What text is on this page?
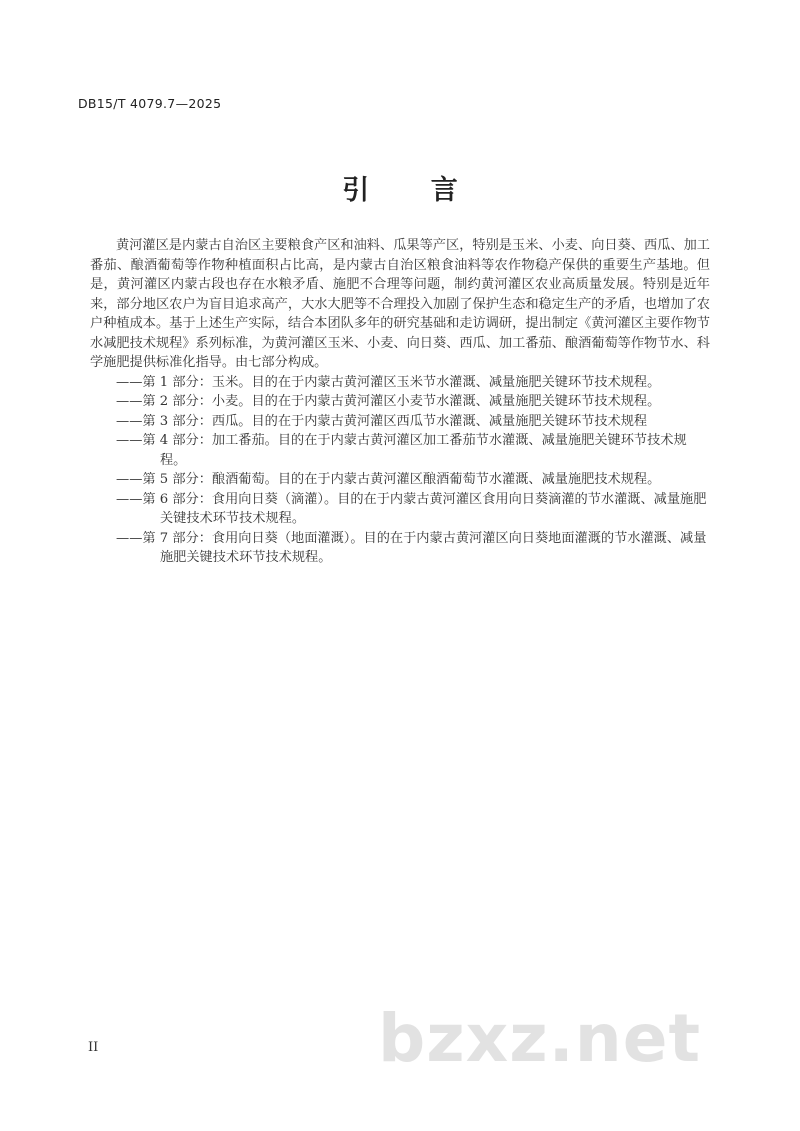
DB15/T 4079.7—2025
引 言

黄河灌区是内蒙古自治区主要粮食产区和油料、瓜果等产区，特别是玉米、小麦、向日葵、西瓜、加工番茄、酿酒葡萄等作物种植面积占比高，是内蒙古自治区粮食油料等农作物稳产保供的重要生产基地。但是，黄河灌区内蒙古段也存在水粮矛盾、施肥不合理等问题，制约黄河灌区农业高质量发展。特别是近年来，部分地区农户为盲目追求高产，大水大肥等不合理投入加剧了保护生态和稳定生产的矛盾，也增加了农户种植成本。基于上述生产实际，结合本团队多年的研究基础和走访调研，提出制定《黄河灌区主要作物节水减肥技术规程》系列标准，为黄河灌区玉米、小麦、向日葵、西瓜、加工番茄、酿酒葡萄等作物节水、科学施肥提供标准化指导。由七部分构成。

——第 1 部分：玉米。目的在于内蒙古黄河灌区玉米节水灌溉、减量施肥关键环节技术规程。

——第 2 部分：小麦。目的在于内蒙古黄河灌区小麦节水灌溉、减量施肥关键环节技术规程。

——第 3 部分：西瓜。目的在于内蒙古黄河灌区西瓜节水灌溉、减量施肥关键环节技术规程

——第 4 部分：加工番茄。目的在于内蒙古黄河灌区加工番茄节水灌溉、减量施肥关键环节技术规程。

——第 5 部分：酿酒葡萄。目的在于内蒙古黄河灌区酿酒葡萄节水灌溉、减量施肥技术规程。

——第 6 部分：食用向日葵（滴灌）。目的在于内蒙古黄河灌区食用向日葵滴灌的节水灌溉、减量施肥关键技术环节技术规程。

——第 7 部分：食用向日葵（地面灌溉）。目的在于内蒙古黄河灌区向日葵地面灌溉的节水灌溉、减量施肥关键技术环节技术规程。

II	bzxz.net
